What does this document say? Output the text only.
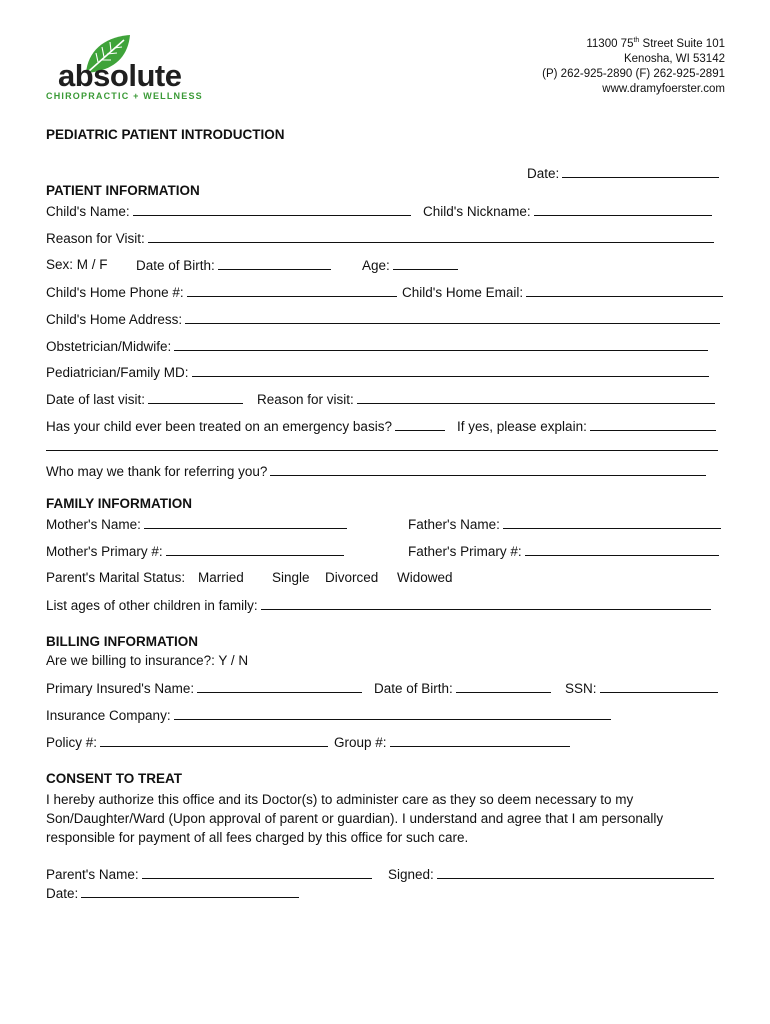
absolute
CHIROPRACTIC + WELLNESS
11300 75th Street Suite 101
Kenosha, WI 53142
(P) 262-925-2890 (F) 262-925-2891
www.dramyfoerster.com
PEDIATRIC PATIENT INTRODUCTION
Date:
PATIENT INFORMATION
Child's Name:	Child's Nickname:
Reason for Visit:
Sex: M / F Date of Birth:	Age:
Child's Home Phone #:	Child's Home Email:
Child's Home Address:
Obstetrician/Midwife:
Pediatrician/Family MD:
Date of last visit:	Reason for visit:
Has your child ever been treated on an emergency basis?	If yes, please explain:
Who may we thank for referring you?
FAMILY INFORMATION
Mother's Name:	Father's Name:
Mother's Primary #:	Father's Primary #:
Parent's Marital Status: Married Single Divorced Widowed
List ages of other children in family:
BILLING INFORMATION
Are we billing to insurance?: Y / N
Primary Insured's Name:	Date of Birth:	SSN:
Insurance Company:
Policy #:	Group #:
CONSENT TO TREAT
I hereby authorize this office and its Doctor(s) to administer care as they so deem necessary to my Son/Daughter/Ward (Upon approval of parent or guardian). I understand and agree that I am personally responsible for payment of all fees charged by this office for such care.
Parent's Name:	Signed:
Date:
